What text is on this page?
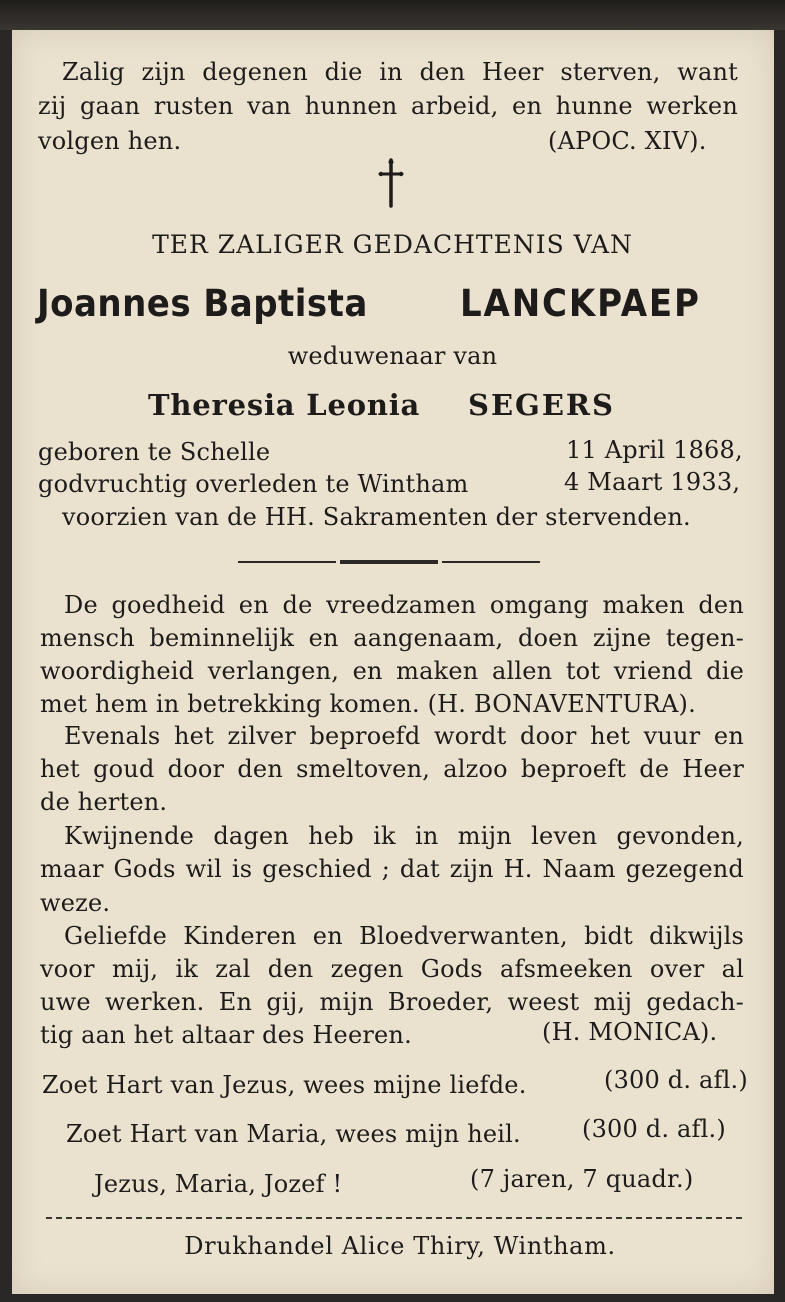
Zalig zijn degenen die in den Heer sterven, want
zij gaan rusten van hunnen arbeid, en hunne werken
volgen hen.	(APOC. XIV).
TER ZALIGER GEDACHTENIS VAN
Joannes Baptista LANCKPAEP
weduwenaar van
Theresia Leonia SEGERS
geboren te Schelle	11 April 1868,
godvruchtig overleden te Wintham	4 Maart 1933,
voorzien van de HH. Sakramenten der stervenden.
De goedheid en de vreedzamen omgang maken den
mensch beminnelijk en aangenaam, doen zijne tegen-
woordigheid verlangen, en maken allen tot vriend die
met hem in betrekking komen. (H. BONAVENTURA).
Evenals het zilver beproefd wordt door het vuur en
het goud door den smeltoven, alzoo beproeft de Heer
de herten.
Kwijnende dagen heb ik in mijn leven gevonden,
maar Gods wil is geschied ; dat zijn H. Naam gezegend
weze.
Geliefde Kinderen en Bloedverwanten, bidt dikwijls
voor mij, ik zal den zegen Gods afsmeeken over al
uwe werken. En gij, mijn Broeder, weest mij gedach-
tig aan het altaar des Heeren.	(H. MONICA).
Zoet Hart van Jezus, wees mijne liefde.	(300 d. afl.)
Zoet Hart van Maria, wees mijn heil.	(300 d. afl.)
Jezus, Maria, Jozef !	(7 jaren, 7 quadr.)
Drukhandel Alice Thiry, Wintham.
